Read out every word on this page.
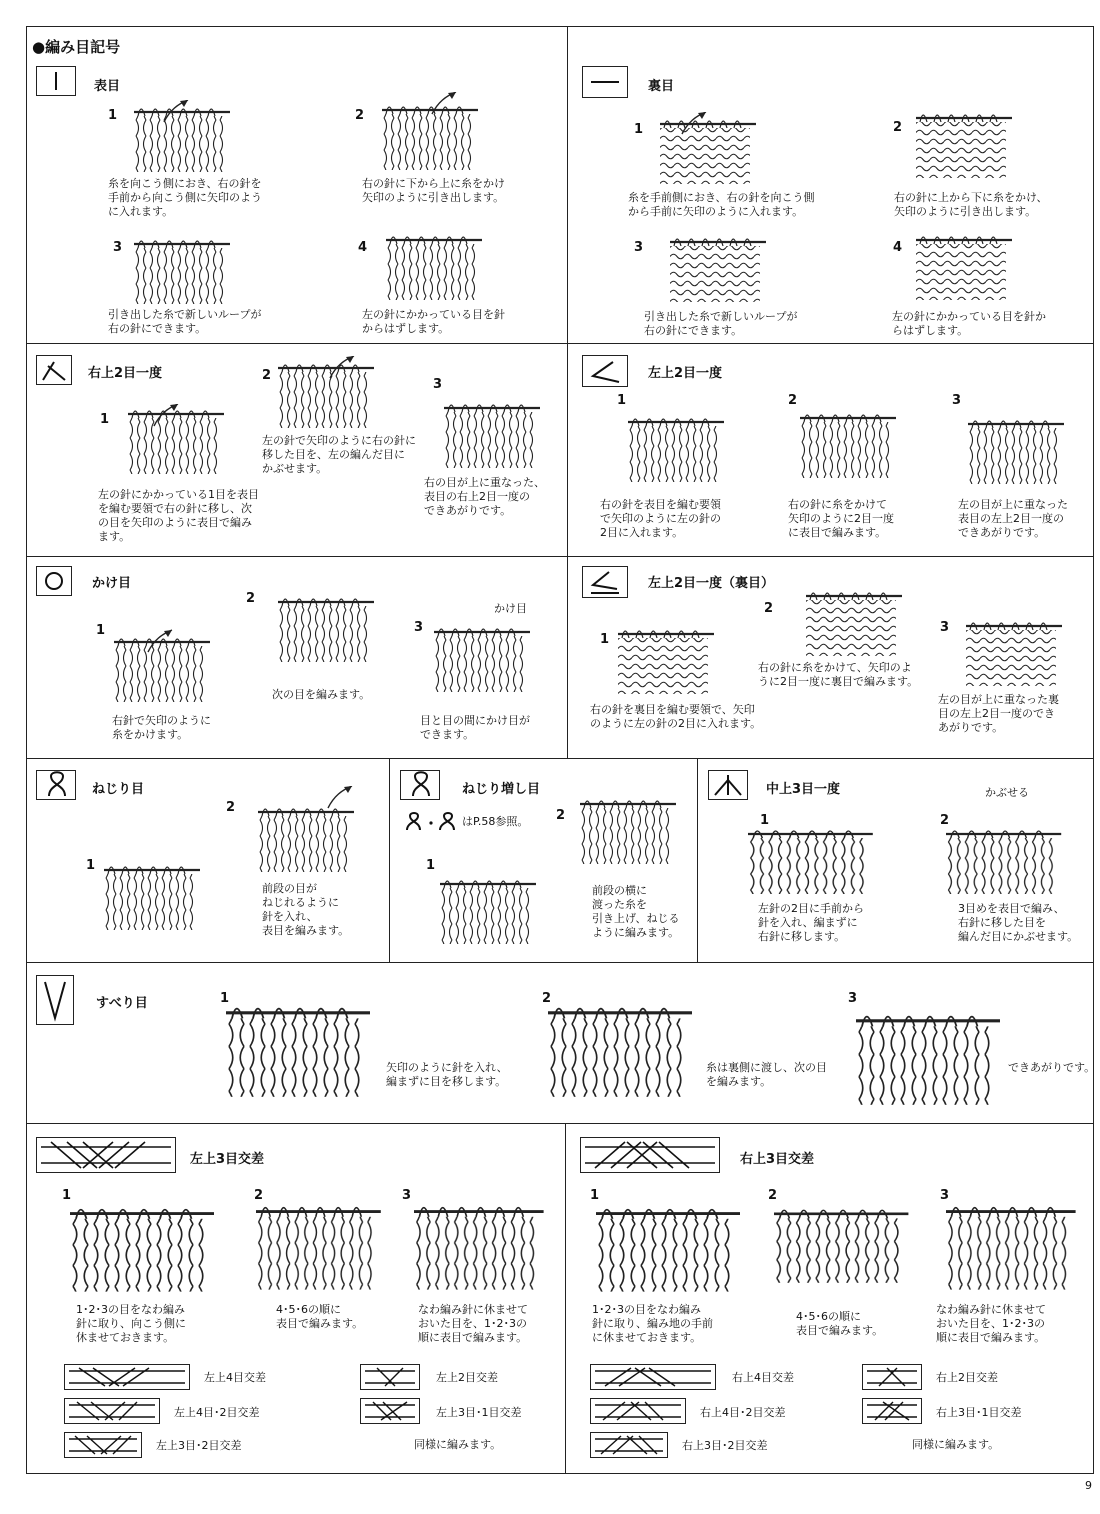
●編み目記号
表目
1
糸を向こう側におき、右の針を
手前から向こう側に矢印のよう
に入れます。
2
右の針に下から上に糸をかけ
矢印のように引き出します。
3
引き出した糸で新しいループが
右の針にできます。
4
左の針にかかっている目を針
からはずします。
裏目
1
糸を手前側におき、右の針を向こう側
から手前に矢印のように入れます。
2
右の針に上から下に糸をかけ、
矢印のように引き出します。
3
引き出した糸で新しいループが
右の針にできます。
4
左の針にかかっている目を針か
らはずします。
右上2目一度
1
左の針にかかっている1目を表目
を編む要領で右の針に移し、次
の目を矢印のように表目で編み
ます。
2
左の針で矢印のように右の針に
移した目を、左の編んだ目に
かぶせます。
3
右の目が上に重なった、
表目の右上2目一度の
できあがりです。
左上2目一度
1
右の針を表目を編む要領
で矢印のように左の針の
2目に入れます。
2
右の針に糸をかけて
矢印のように2目一度
に表目で編みます。
3
左の目が上に重なった
表目の左上2目一度の
できあがりです。
かけ目
1
右針で矢印のように
糸をかけます。
2
次の目を編みます。
3
かけ目
目と目の間にかけ目が
できます。
左上2目一度（裏目）
1
右の針を裏目を編む要領で、矢印
のように左の針の2目に入れます。
2
右の針に糸をかけて、矢印のよ
うに2目一度に裏目で編みます。
3
左の目が上に重なった裏
目の左上2目一度のでき
あがりです。
ねじり目
1
2
前段の目が
ねじれるように
針を入れ、
表目を編みます。
ねじり増し目
はP.58参照。 2
1
前段の横に
渡った糸を
引き上げ、ねじる
ように編みます。
中上3目一度
1
左針の2目に手前から
針を入れ、編まずに
右針に移します。
2
かぶせる
3目めを表目で編み、
右針に移した目を
編んだ目にかぶせます。
すべり目	1
矢印のように針を入れ、
編まずに目を移します。
2
糸は裏側に渡し、次の目
を編みます。
3
できあがりです。
左上3目交差
1
1･2･3の目をなわ編み
針に取り、向こう側に
休ませておきます。
2
4･5･6の順に
表目で編みます。
3
なわ編み針に休ませて
おいた目を、1･2･3の
順に表目で編みます。
左上4目交差	左上2目交差
左上4目･2目交差	左上3目･1目交差
左上3目･2目交差	同様に編みます。
右上3目交差
1
1･2･3の目をなわ編み
針に取り、編み地の手前
に休ませておきます。
2
4･5･6の順に
表目で編みます。
3
なわ編み針に休ませて
おいた目を、1･2･3の
順に表目で編みます。
右上4目交差	右上2目交差
右上4目･2目交差	右上3目･1目交差
右上3目･2目交差	同様に編みます。
9
